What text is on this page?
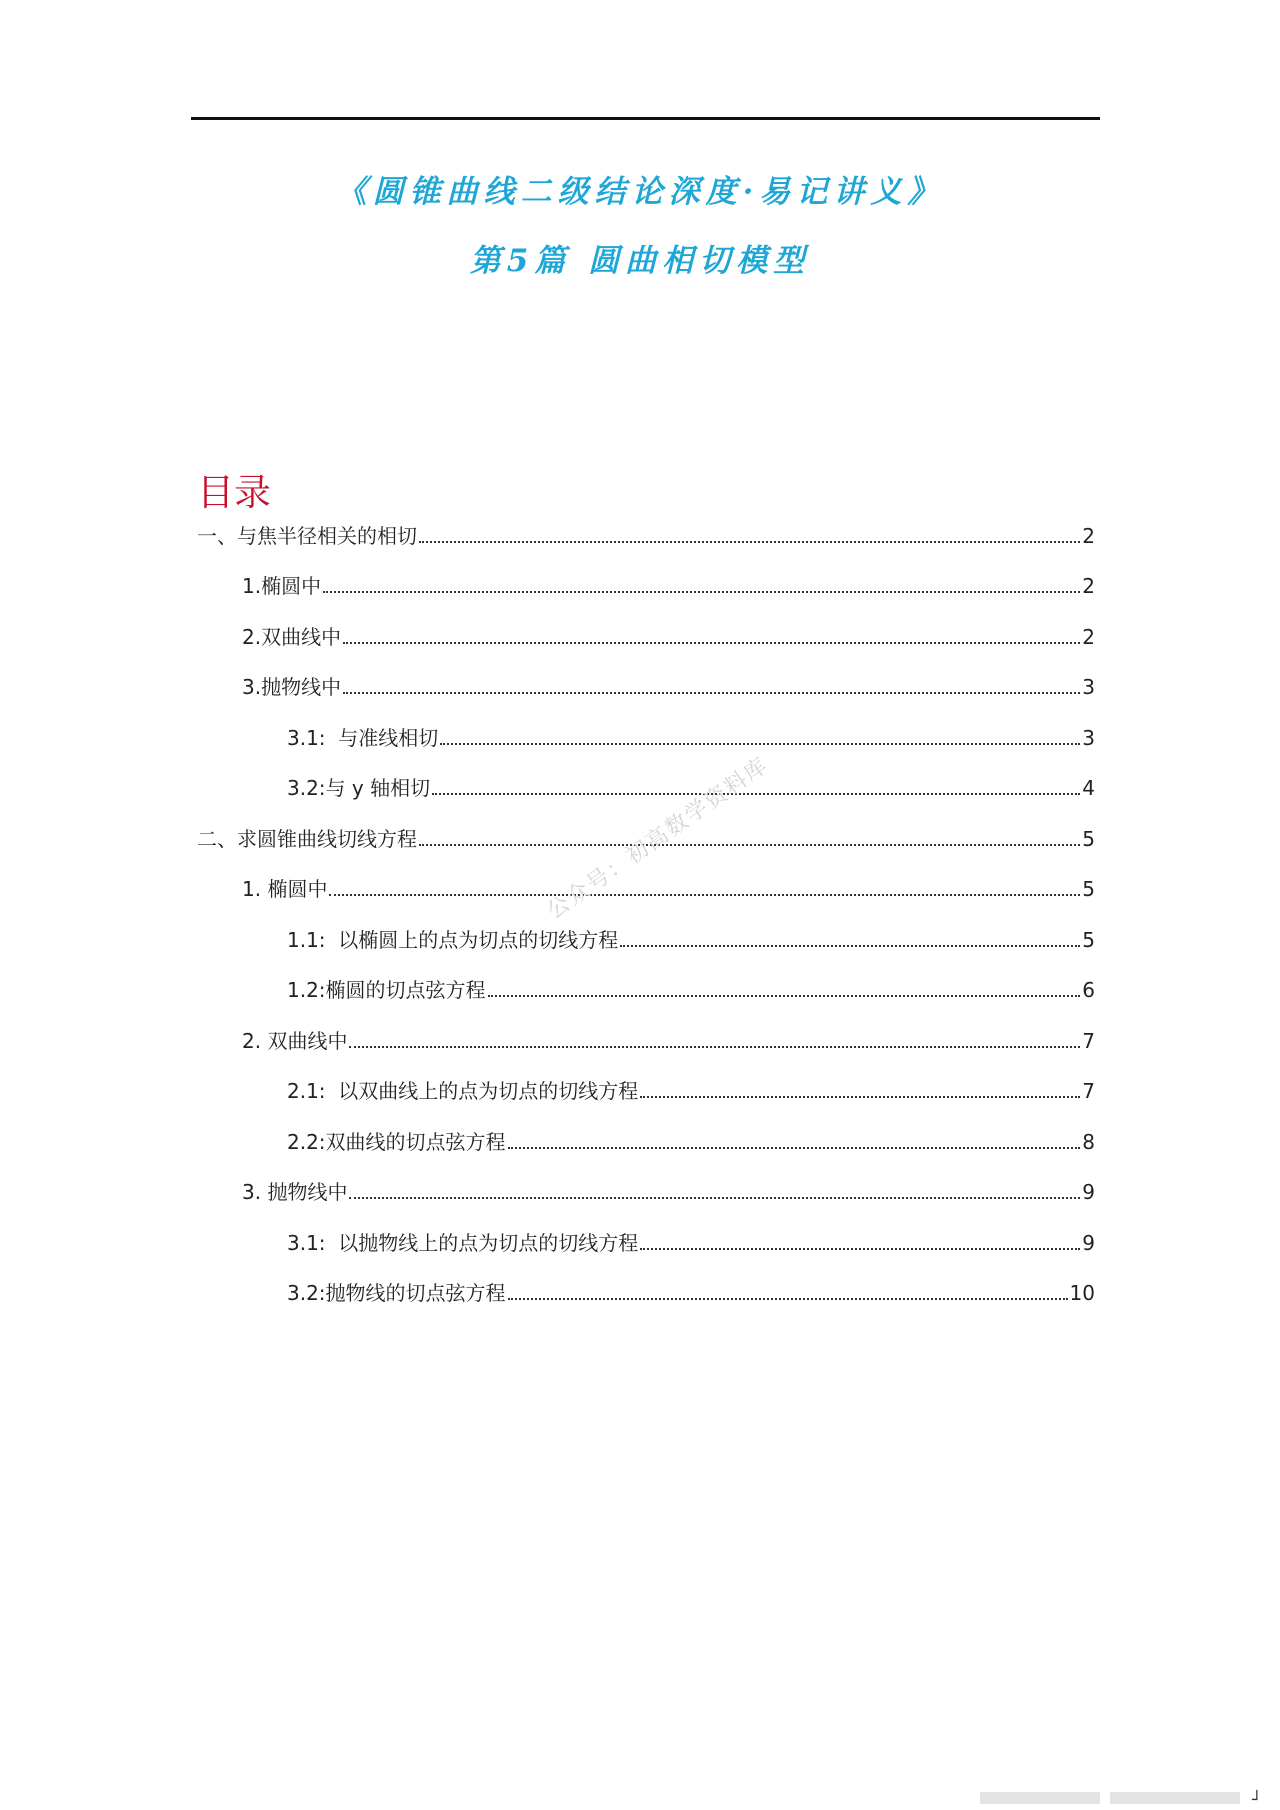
《圆锥曲线二级结论深度·易记讲义》
第5篇 圆曲相切模型
目录
一、与焦半径相关的相切	2
1.椭圆中	2
2.双曲线中	2
3.抛物线中	3
3.1:  与准线相切	3
3.2:与 y 轴相切	4
二、求圆锥曲线切线方程	5
1. 椭圆中	5
1.1:  以椭圆上的点为切点的切线方程	5
1.2:椭圆的切点弦方程	6
2. 双曲线中	7
2.1:  以双曲线上的点为切点的切线方程	7
2.2:双曲线的切点弦方程	8
3. 抛物线中	9
3.1:  以抛物线上的点为切点的切线方程	9
3.2:抛物线的切点弦方程	10
公众号：初高数学资料库
┘
